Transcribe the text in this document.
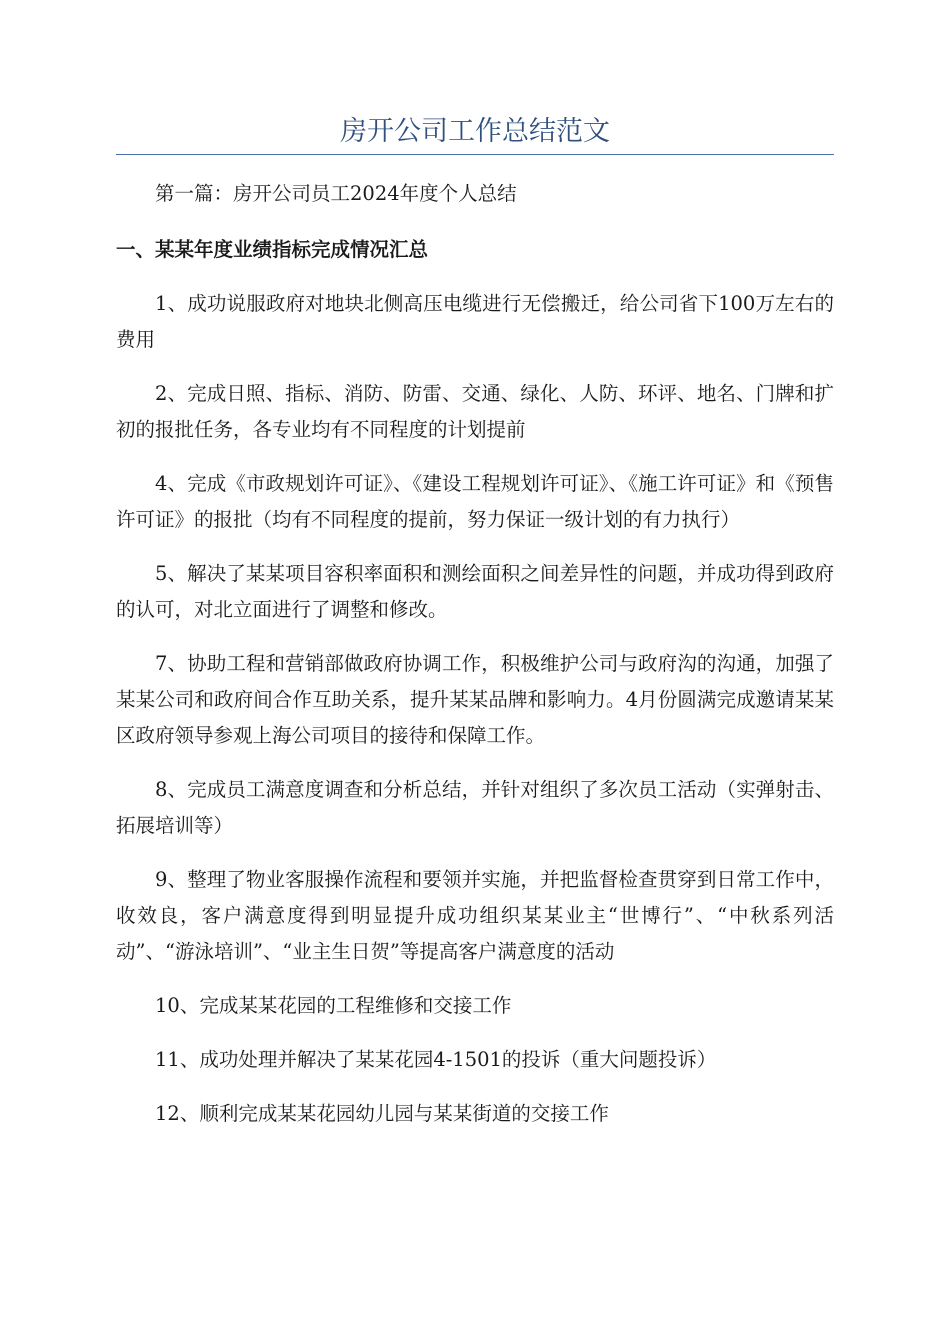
房开公司工作总结范文

第一篇：房开公司员工2024年度个人总结

一、某某年度业绩指标完成情况汇总

1、成功说服政府对地块北侧高压电缆进行无偿搬迁，给公司省下100万左右的费用

2、完成日照、指标、消防、防雷、交通、绿化、人防、环评、地名、门牌和扩初的报批任务，各专业均有不同程度的计划提前

4、完成《市政规划许可证》、《建设工程规划许可证》、《施工许可证》和《预售许可证》的报批（均有不同程度的提前，努力保证一级计划的有力执行）

5、解决了某某项目容积率面积和测绘面积之间差异性的问题，并成功得到政府的认可，对北立面进行了调整和修改。

7、协助工程和营销部做政府协调工作，积极维护公司与政府沟的沟通，加强了某某公司和政府间合作互助关系，提升某某品牌和影响力。4月份圆满完成邀请某某区政府领导参观上海公司项目的接待和保障工作。

8、完成员工满意度调查和分析总结，并针对组织了多次员工活动（实弹射击、拓展培训等）

9、整理了物业客服操作流程和要领并实施，并把监督检查贯穿到日常工作中，收效良，客户满意度得到明显提升成功组织某某业主“世博行”、“中秋系列活动”、“游泳培训”、“业主生日贺”等提高客户满意度的活动

10、完成某某花园的工程维修和交接工作

11、成功处理并解决了某某花园4-1501的投诉（重大问题投诉）

12、顺利完成某某花园幼儿园与某某街道的交接工作
